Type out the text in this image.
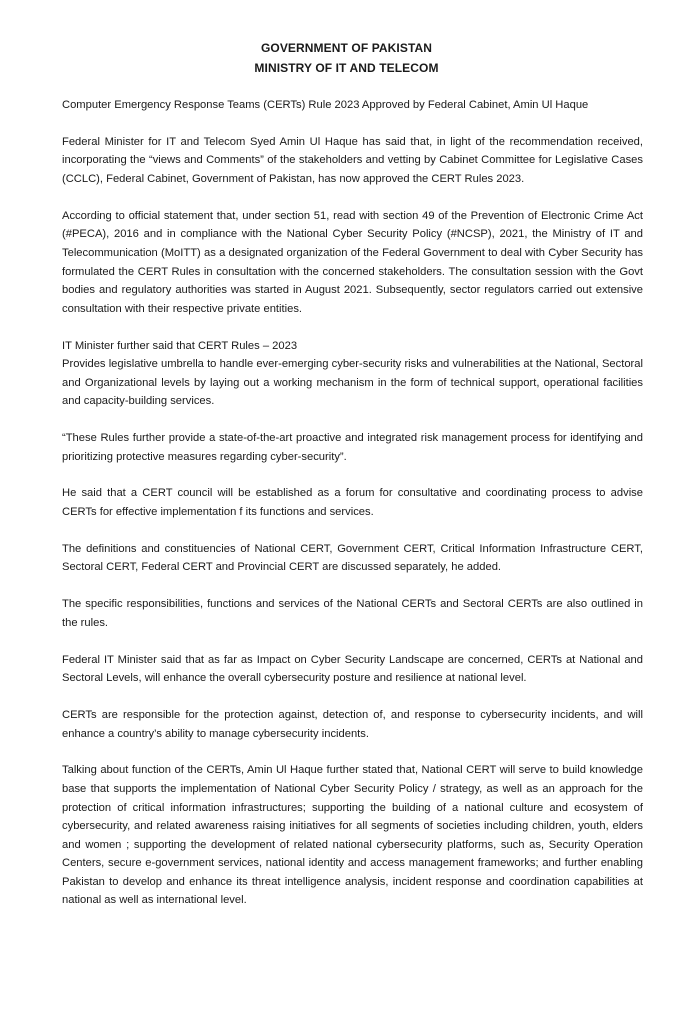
GOVERNMENT OF PAKISTAN
MINISTRY OF IT AND TELECOM

Computer Emergency Response Teams (CERTs) Rule 2023 Approved by Federal Cabinet, Amin Ul Haque

Federal Minister for IT and Telecom Syed Amin Ul Haque has said that, in light of the recommendation received, incorporating the “views and Comments” of the stakeholders and vetting by Cabinet Committee for Legislative Cases (CCLC), Federal Cabinet, Government of Pakistan, has now approved the CERT Rules 2023.

According to official statement that, under section 51, read with section 49 of the Prevention of Electronic Crime Act (#PECA), 2016 and in compliance with the National Cyber Security Policy (#NCSP), 2021, the Ministry of IT and Telecommunication (MoITT) as a designated organization of the Federal Government to deal with Cyber Security has formulated the CERT Rules in consultation with the concerned stakeholders. The consultation session with the Govt bodies and regulatory authorities was started in August 2021. Subsequently, sector regulators carried out extensive consultation with their respective private entities.

IT Minister further said that CERT Rules – 2023

Provides legislative umbrella to handle ever-emerging cyber-security risks and vulnerabilities at the National, Sectoral and Organizational levels by laying out a working mechanism in the form of technical support, operational facilities and capacity-building services.

“These Rules further provide a state-of-the-art proactive and integrated risk management process for identifying and prioritizing protective measures regarding cyber-security”.

He said that a CERT council will be established as a forum for consultative and coordinating process to advise CERTs for effective implementation f its functions and services.

The definitions and constituencies of National CERT, Government CERT, Critical Information Infrastructure CERT, Sectoral CERT, Federal CERT and Provincial CERT are discussed separately, he added.

The specific responsibilities, functions and services of the National CERTs and Sectoral CERTs are also outlined in the rules.

Federal IT Minister said that as far as Impact on Cyber Security Landscape are concerned, CERTs at National and Sectoral Levels, will enhance the overall cybersecurity posture and resilience at national level.

CERTs are responsible for the protection against, detection of, and response to cybersecurity incidents, and will enhance a country’s ability to manage cybersecurity incidents.

Talking about function of the CERTs, Amin Ul Haque further stated that, National CERT will serve to build knowledge base that supports the implementation of National Cyber Security Policy / strategy, as well as an approach for the protection of critical information infrastructures; supporting the building of a national culture and ecosystem of cybersecurity, and related awareness raising initiatives for all segments of societies including children, youth, elders and women ; supporting the development of related national cybersecurity platforms, such as, Security Operation Centers, secure e-government services, national identity and access management frameworks; and further enabling Pakistan to develop and enhance its threat intelligence analysis, incident response and coordination capabilities at national as well as international level.
